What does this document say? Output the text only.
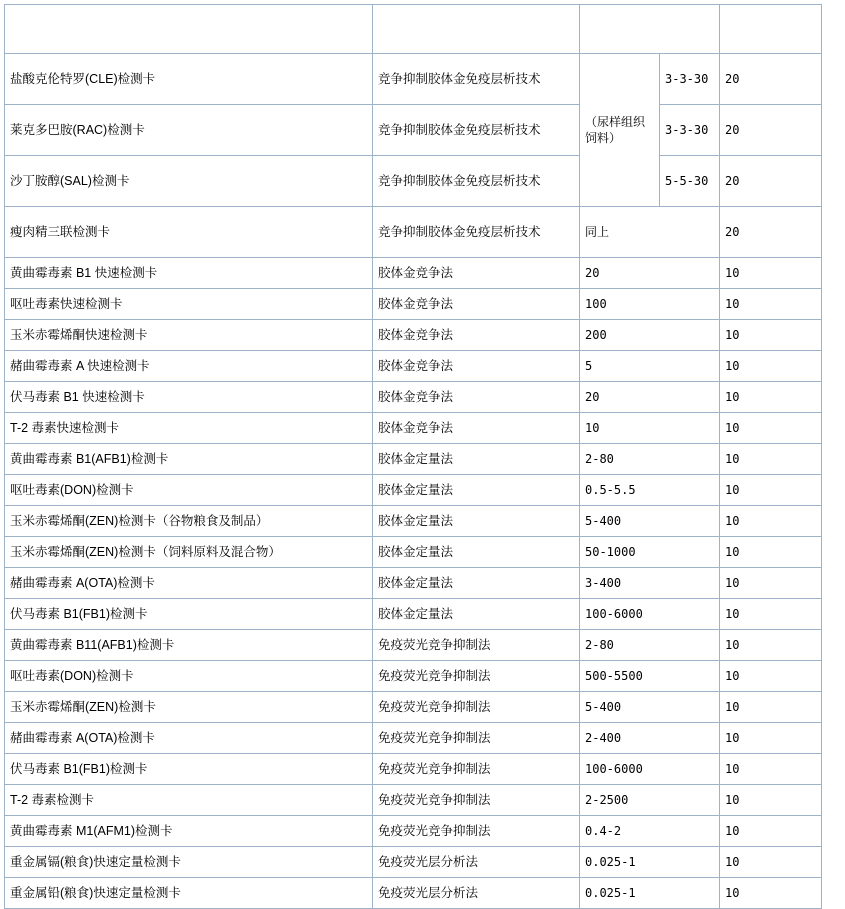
产品名称	检测原理	样本/ 检测限
(ug/kg、ppb)		规格(条/盒
盐酸克伦特罗(CLE)检测卡	竞争抑制胶体金免疫层析技术	（尿样组织饲料）	3-3-30	20
莱克多巴胺(RAC)检测卡	竞争抑制胶体金免疫层析技术		3-3-30	20
沙丁胺醇(SAL)检测卡	竞争抑制胶体金免疫层析技术		5-5-30	20
瘦肉精三联检测卡	竞争抑制胶体金免疫层析技术	同上		20
黄曲霉毒素 B1 快速检测卡	胶体金竞争法	20		10
呕吐毒素快速检测卡	胶体金竞争法	100		10
玉米赤霉烯酮快速检测卡	胶体金竞争法	200		10
赭曲霉毒素 A 快速检测卡	胶体金竞争法	5		10
伏马毒素 B1 快速检测卡	胶体金竞争法	20		10
T-2 毒素快速检测卡	胶体金竞争法	10		10
黄曲霉毒素 B1(AFB1)检测卡	胶体金定量法	2-80		10
呕吐毒素(DON)检测卡	胶体金定量法	0.5-5.5		10
玉米赤霉烯酮(ZEN)检测卡（谷物粮食及制品）	胶体金定量法	5-400		10
玉米赤霉烯酮(ZEN)检测卡（饲料原料及混合物）	胶体金定量法	50-1000		10
赭曲霉毒素 A(OTA)检测卡	胶体金定量法	3-400		10
伏马毒素 B1(FB1)检测卡	胶体金定量法	100-6000		10
黄曲霉毒素 B11(AFB1)检测卡	免疫荧光竞争抑制法	2-80		10
呕吐毒素(DON)检测卡	免疫荧光竞争抑制法	500-5500		10
玉米赤霉烯酮(ZEN)检测卡	免疫荧光竞争抑制法	5-400		10
赭曲霉毒素 A(OTA)检测卡	免疫荧光竞争抑制法	2-400		10
伏马毒素 B1(FB1)检测卡	免疫荧光竞争抑制法	100-6000		10
T-2 毒素检测卡	免疫荧光竞争抑制法	2-2500		10
黄曲霉毒素 M1(AFM1)检测卡	免疫荧光竞争抑制法	0.4-2		10
重金属镉(粮食)快速定量检测卡	免疫荧光层分析法	0.025-1		10
重金属铅(粮食)快速定量检测卡	免疫荧光层分析法	0.025-1		10
